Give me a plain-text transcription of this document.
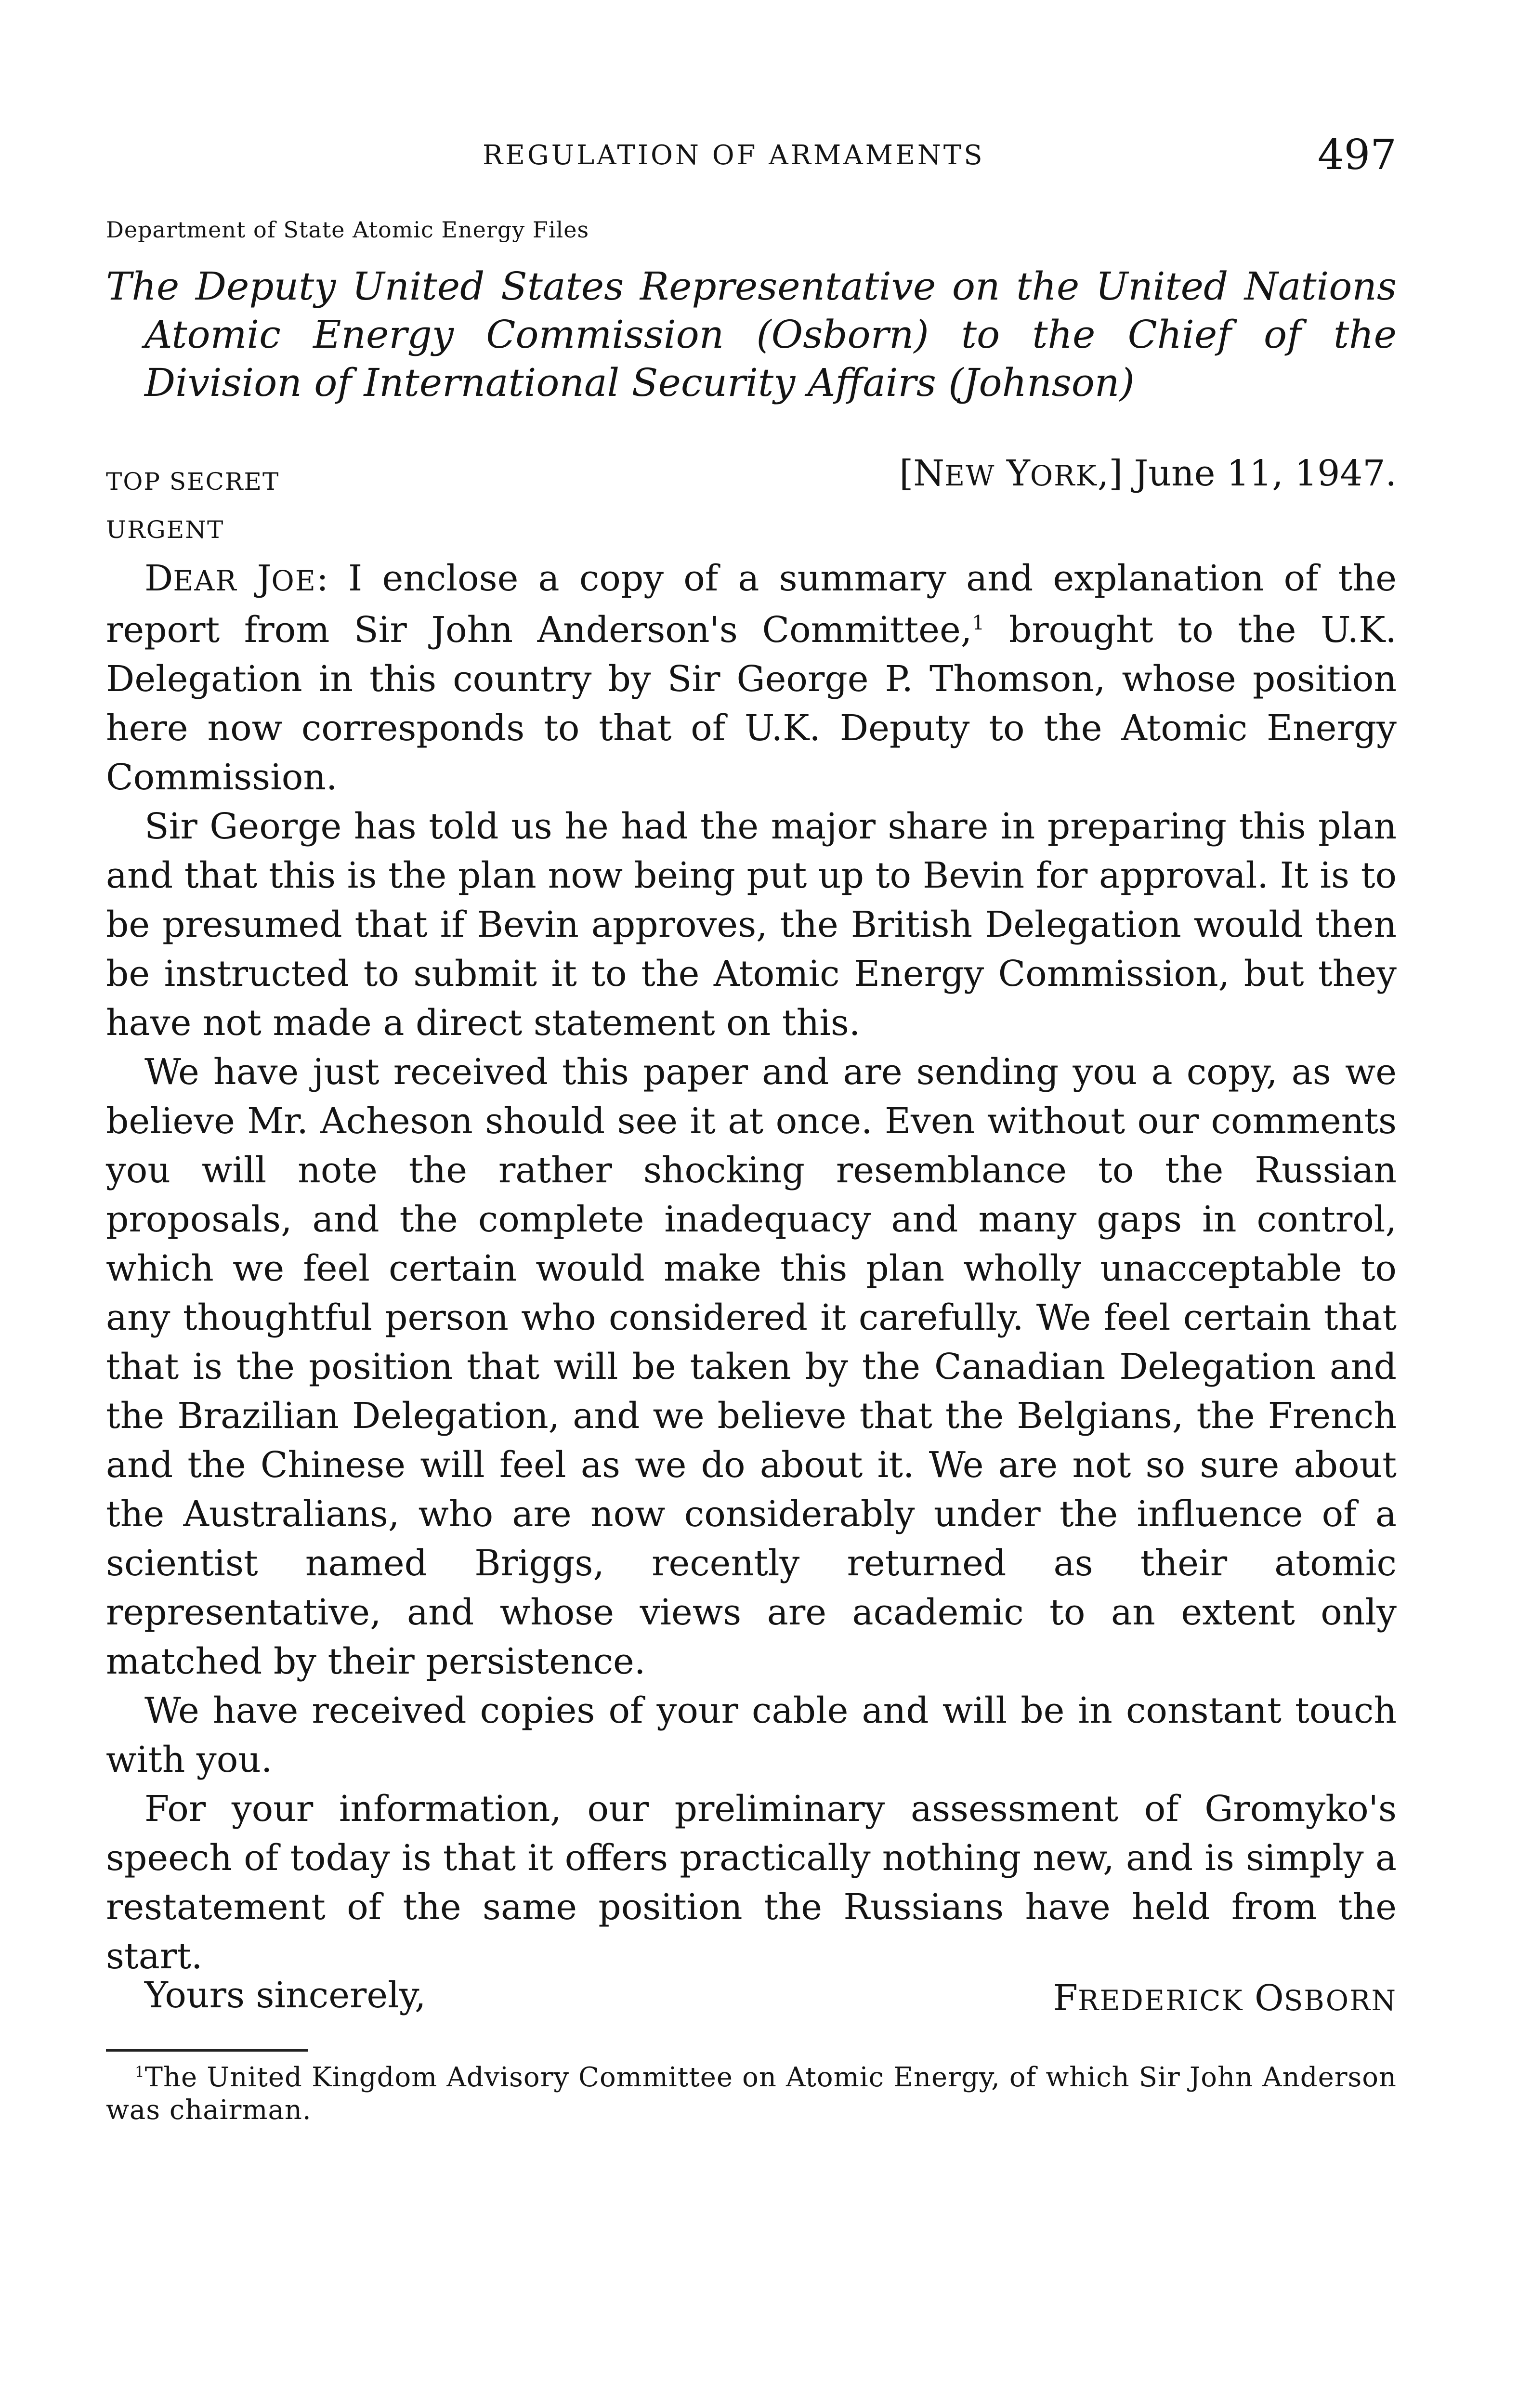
REGULATION OF ARMAMENTS	497
Department of State Atomic Energy Files
The Deputy United States Representative on the United Nations Atomic Energy Commission (Osborn) to the Chief of the Division of International Security Affairs (Johnson)
TOP SECRET
URGENT
[NEW YORK,] June 11, 1947.

DEAR JOE: I enclose a copy of a summary and explanation of the report from Sir John Anderson's Committee,$^1$ brought to the U.K. Delegation in this country by Sir George P. Thomson, whose position here now corresponds to that of U.K. Deputy to the Atomic Energy Commission.

Sir George has told us he had the major share in preparing this plan and that this is the plan now being put up to Bevin for approval. It is to be presumed that if Bevin approves, the British Delegation would then be instructed to submit it to the Atomic Energy Commission, but they have not made a direct statement on this.

We have just received this paper and are sending you a copy, as we believe Mr. Acheson should see it at once. Even without our comments you will note the rather shocking resemblance to the Russian proposals, and the complete inadequacy and many gaps in control, which we feel certain would make this plan wholly unacceptable to any thoughtful person who considered it carefully. We feel certain that that is the position that will be taken by the Canadian Delegation and the Brazilian Delegation, and we believe that the Belgians, the French and the Chinese will feel as we do about it. We are not so sure about the Australians, who are now considerably under the influence of a scientist named Briggs, recently returned as their atomic representative, and whose views are academic to an extent only matched by their persistence.

We have received copies of your cable and will be in constant touch with you.

For your information, our preliminary assessment of Gromyko's speech of today is that it offers practically nothing new, and is simply a restatement of the same position the Russians have held from the start.

Yours sincerely,	FREDERICK OSBORN
$^1$The United Kingdom Advisory Committee on Atomic Energy, of which Sir John Anderson was chairman.
